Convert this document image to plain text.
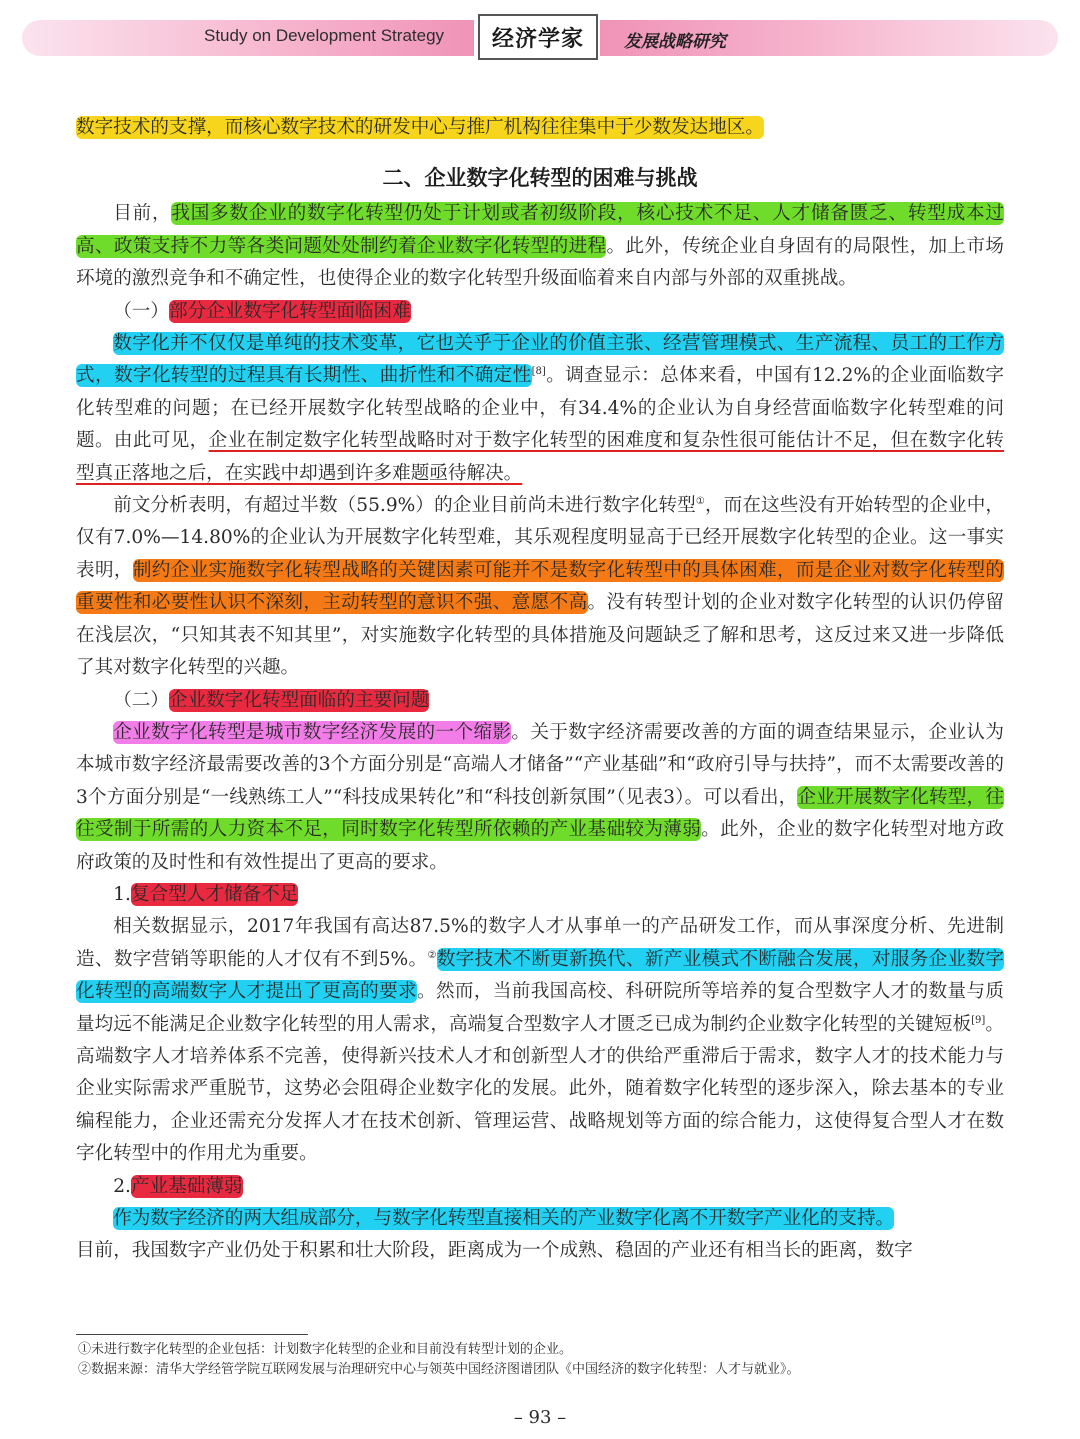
Study on Development Strategy 经济学家 发展战略研究

数字技术的支撑，而核心数字技术的研发中心与推广机构往往集中于少数发达地区。

二、企业数字化转型的困难与挑战

目前，我国多数企业的数字化转型仍处于计划或者初级阶段，核心技术不足、人才储备匮乏、转型成本过高、政策支持不力等各类问题处处制约着企业数字化转型的进程。此外，传统企业自身固有的局限性，加上市场环境的激烈竞争和不确定性，也使得企业的数字化转型升级面临着来自内部与外部的双重挑战。

（一）部分企业数字化转型面临困难

数字化并不仅仅是单纯的技术变革，它也关乎于企业的价值主张、经营管理模式、生产流程、员工的工作方式，数字化转型的过程具有长期性、曲折性和不确定性[8]。调查显示：总体来看，中国有12.2%的企业面临数字化转型难的问题；在已经开展数字化转型战略的企业中，有34.4%的企业认为自身经营面临数字化转型难的问题。由此可见，企业在制定数字化转型战略时对于数字化转型的困难度和复杂性很可能估计不足，但在数字化转型真正落地之后，在实践中却遇到许多难题亟待解决。

前文分析表明，有超过半数（55.9%）的企业目前尚未进行数字化转型①，而在这些没有开始转型的企业中，仅有7.0%—14.80%的企业认为开展数字化转型难，其乐观程度明显高于已经开展数字化转型的企业。这一事实表明，制约企业实施数字化转型战略的关键因素可能并不是数字化转型中的具体困难，而是企业对数字化转型的重要性和必要性认识不深刻，主动转型的意识不强、意愿不高。没有转型计划的企业对数字化转型的认识仍停留在浅层次，“只知其表不知其里”，对实施数字化转型的具体措施及问题缺乏了解和思考，这反过来又进一步降低了其对数字化转型的兴趣。

（二）企业数字化转型面临的主要问题

企业数字化转型是城市数字经济发展的一个缩影。关于数字经济需要改善的方面的调查结果显示，企业认为本城市数字经济最需要改善的3个方面分别是“高端人才储备”“产业基础”和“政府引导与扶持”，而不太需要改善的3个方面分别是“一线熟练工人”“科技成果转化”和“科技创新氛围”（见表3）。可以看出，企业开展数字化转型，往往受制于所需的人力资本不足，同时数字化转型所依赖的产业基础较为薄弱。此外，企业的数字化转型对地方政府政策的及时性和有效性提出了更高的要求。

1.复合型人才储备不足

相关数据显示，2017年我国有高达87.5%的数字人才从事单一的产品研发工作，而从事深度分析、先进制造、数字营销等职能的人才仅有不到5%。②数字技术不断更新换代、新产业模式不断融合发展，对服务企业数字化转型的高端数字人才提出了更高的要求。然而，当前我国高校、科研院所等培养的复合型数字人才的数量与质量均远不能满足企业数字化转型的用人需求，高端复合型数字人才匮乏已成为制约企业数字化转型的关键短板[9]。高端数字人才培养体系不完善，使得新兴技术人才和创新型人才的供给严重滞后于需求，数字人才的技术能力与企业实际需求严重脱节，这势必会阻碍企业数字化的发展。此外，随着数字化转型的逐步深入，除去基本的专业编程能力，企业还需充分发挥人才在技术创新、管理运营、战略规划等方面的综合能力，这使得复合型人才在数字化转型中的作用尤为重要。

2.产业基础薄弱

作为数字经济的两大组成部分，与数字化转型直接相关的产业数字化离不开数字产业化的支持。
目前，我国数字产业仍处于积累和壮大阶段，距离成为一个成熟、稳固的产业还有相当长的距离，数字

①未进行数字化转型的企业包括：计划数字化转型的企业和目前没有转型计划的企业。

②数据来源：清华大学经管学院互联网发展与治理研究中心与领英中国经济图谱团队《中国经济的数字化转型：人才与就业》。

– 93 –
